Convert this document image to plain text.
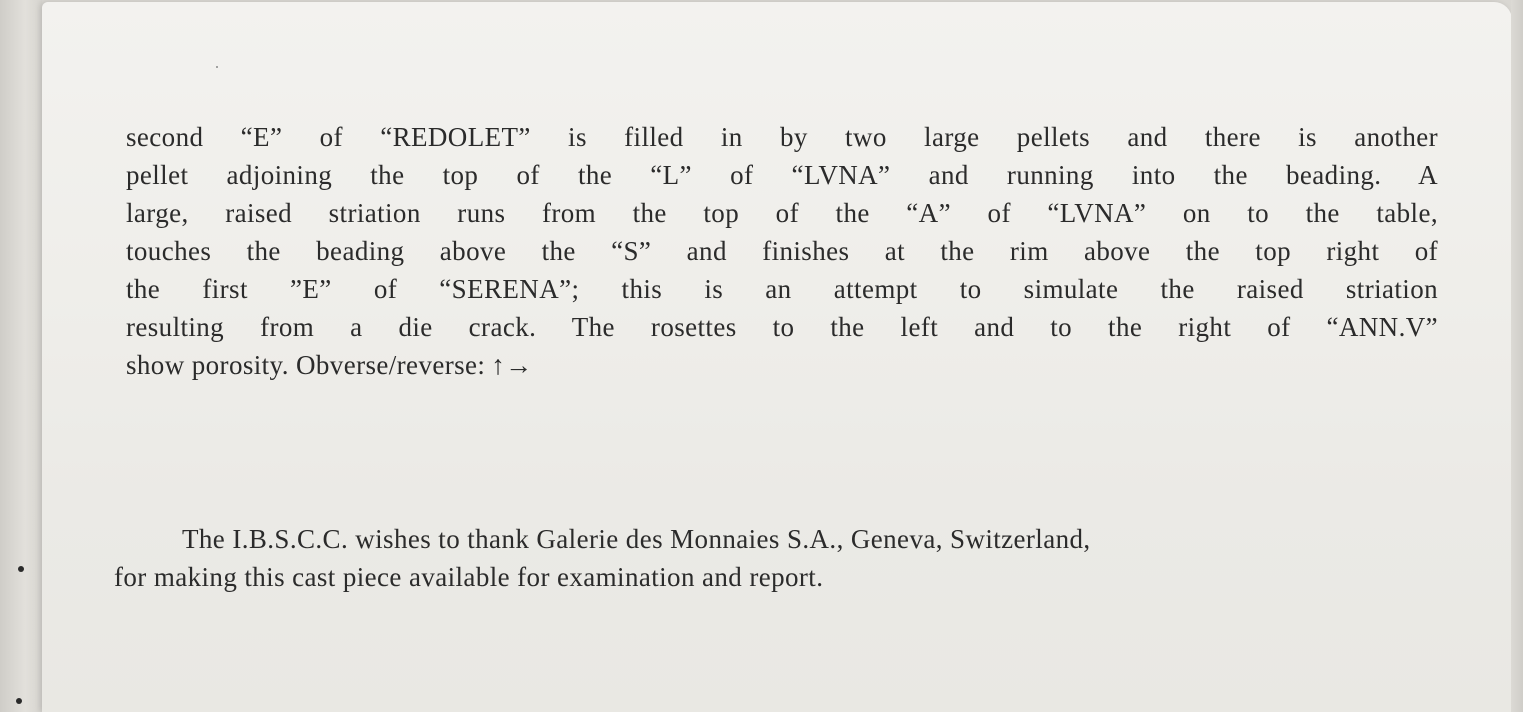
second “E” of “REDOLET” is filled in by two large pellets and there is another
pellet adjoining the top of the “L” of “LVNA” and running into the beading. A
large, raised striation runs from the top of the “A” of “LVNA” on to the table,
touches the beading above the “S” and finishes at the rim above the top right of
the first ”E” of “SERENA”; this is an attempt to simulate the raised striation
resulting from a die crack. The rosettes to the left and to the right of “ANN.V”
show porosity. Obverse/reverse: ↑→

The I.B.S.C.C. wishes to thank Galerie des Monnaies S.A., Geneva, Switzerland,
for making this cast piece available for examination and report.
